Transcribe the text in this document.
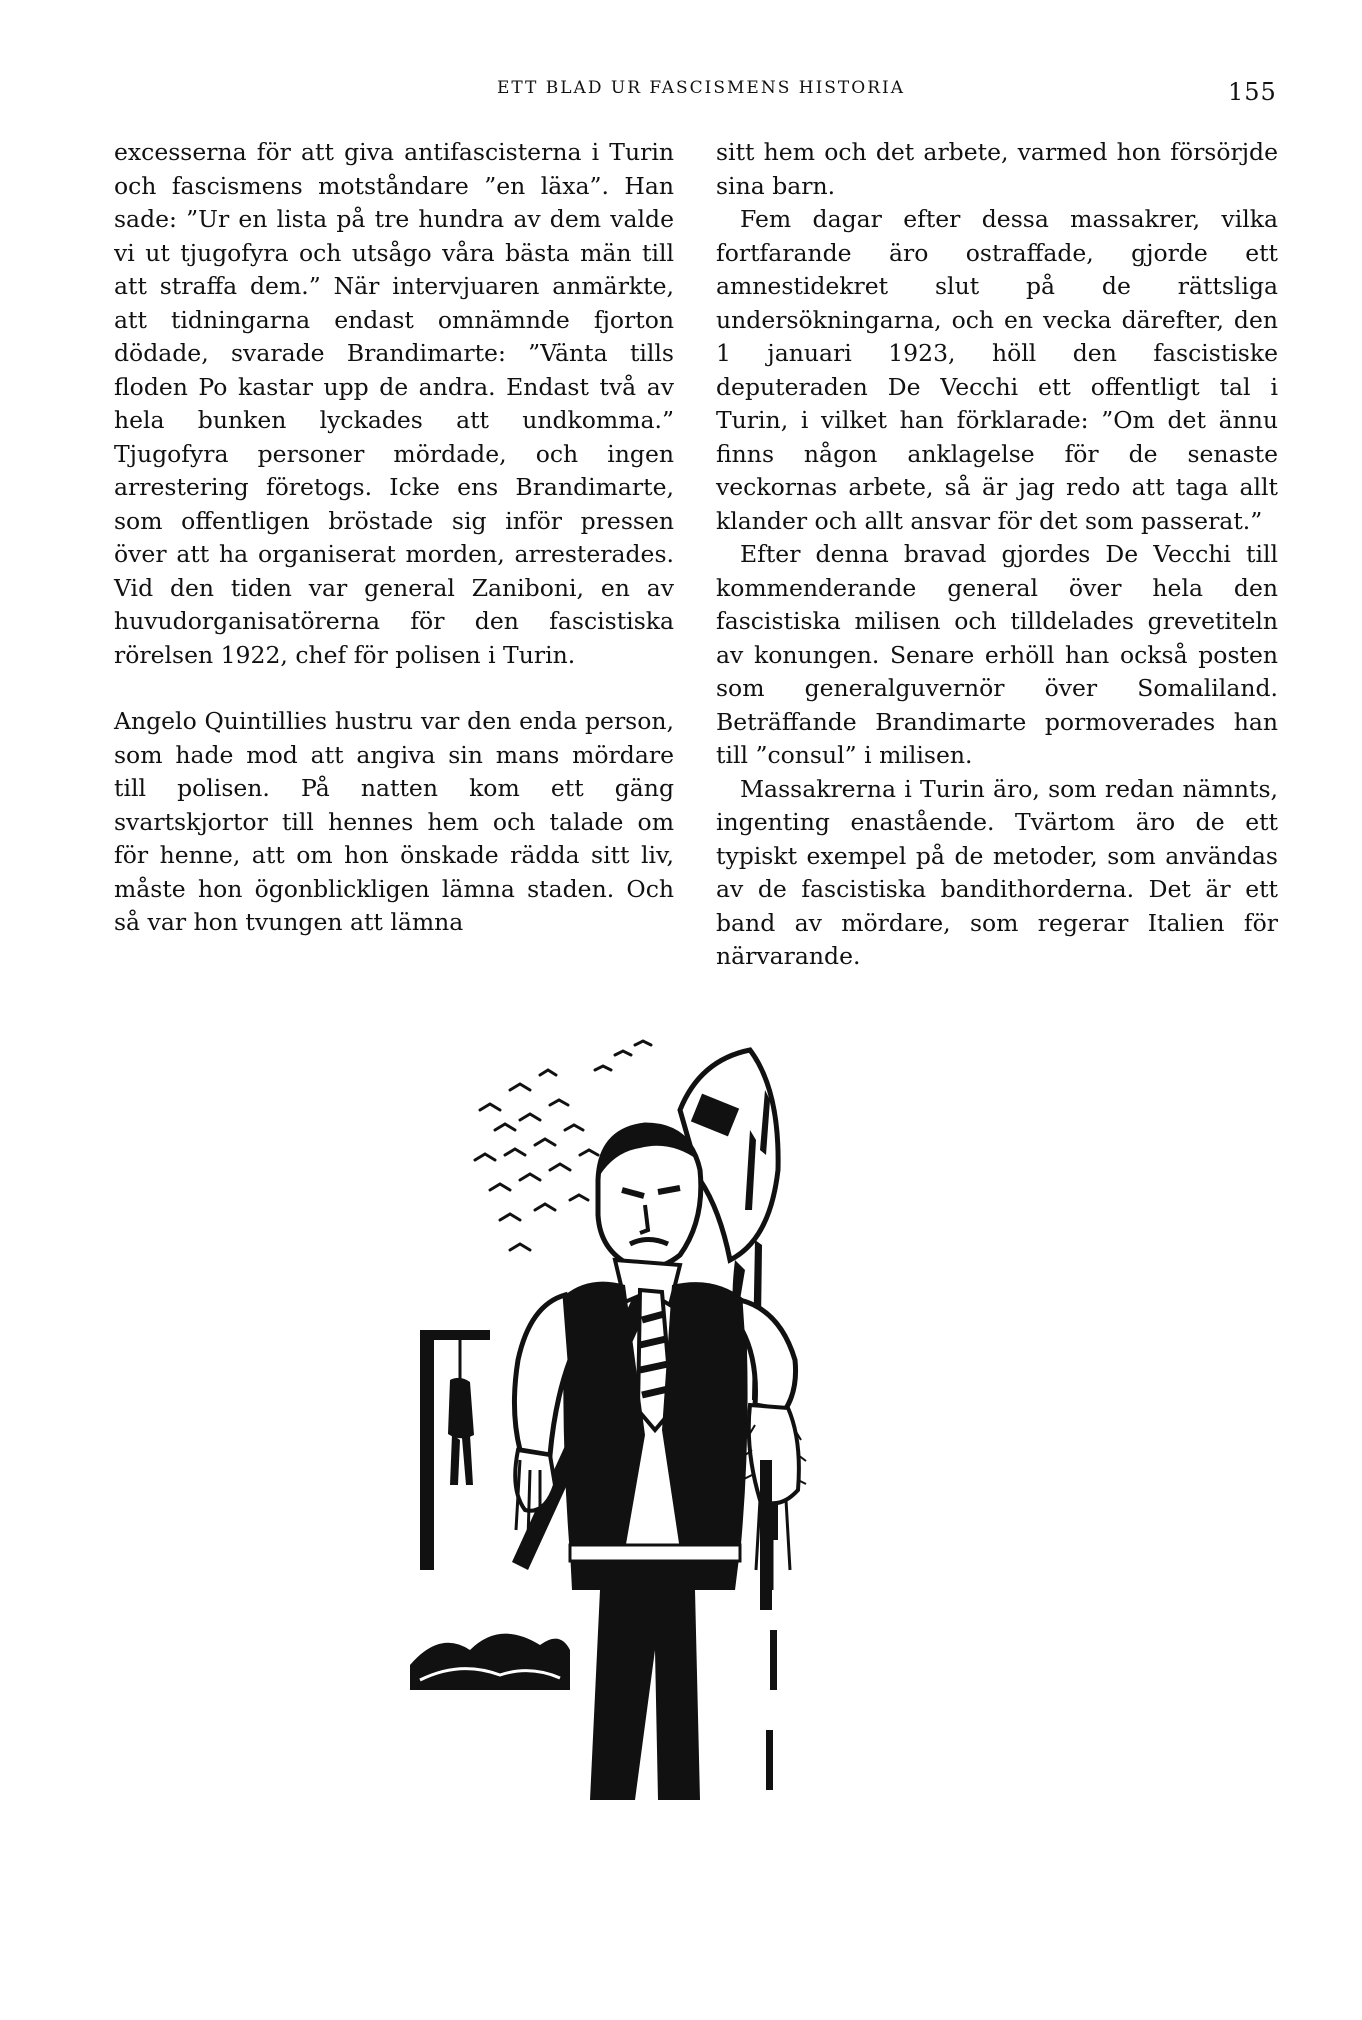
ETT BLAD UR FASCISMENS HISTORIA	155

excesserna för att giva antifascisterna i Turin och fascismens motståndare ”en läxa”. Han sade: ”Ur en lista på tre hundra av dem valde vi ut tjugofyra och utsågo våra bästa män till att straffa dem.” När intervjuaren anmärkte, att tidningarna endast omnämnde fjorton dödade, svarade Brandimarte: ”Vänta tills floden Po kastar upp de andra. Endast två av hela bunken lyckades att undkomma.” Tjugofyra personer mördade, och ingen arrestering företogs. Icke ens Brandimarte, som offentligen bröstade sig inför pressen över att ha organiserat morden, arresterades. Vid den tiden var general Zaniboni, en av huvudorganisatörerna för den fascistiska rörelsen 1922, chef för polisen i Turin.

Angelo Quintillies hustru var den enda person, som hade mod att angiva sin mans mördare till polisen. På natten kom ett gäng svartskjortor till hennes hem och talade om för henne, att om hon önskade rädda sitt liv, måste hon ögonblickligen lämna staden. Och så var hon tvungen att lämna

sitt hem och det arbete, varmed hon försörjde sina barn.

Fem dagar efter dessa massakrer, vilka fortfarande äro ostraffade, gjorde ett amnestidekret slut på de rättsliga undersökningarna, och en vecka därefter, den 1 januari 1923, höll den fascistiske deputeraden De Vecchi ett offentligt tal i Turin, i vilket han förklarade: ”Om det ännu finns någon anklagelse för de senaste veckornas arbete, så är jag redo att taga allt klander och allt ansvar för det som passerat.”

Efter denna bravad gjordes De Vecchi till kommenderande general över hela den fascistiska milisen och tilldelades grevetiteln av konungen. Senare erhöll han också posten som generalguvernör över Somaliland. Beträffande Brandimarte pormoverades han till ”consul” i milisen.

Massakrerna i Turin äro, som redan nämnts, ingenting enastående. Tvärtom äro de ett typiskt exempel på de metoder, som användas av de fascistiska bandithorderna. Det är ett band av mördare, som regerar Italien för närvarande.
